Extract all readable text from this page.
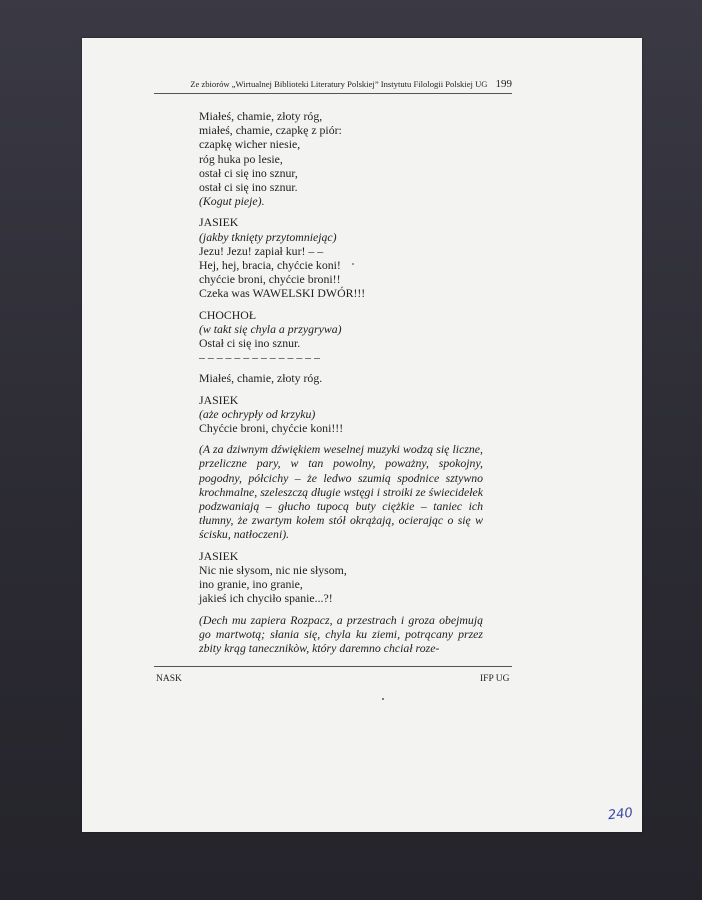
Ze zbiorów „Wirtualnej Biblioteki Literatury Polskiej” Instytutu Filologii Polskiej UG 199
Miałeś, chamie, złoty róg,
miałeś, chamie, czapkę z piór:
czapkę wicher niesie,
róg huka po lesie,
ostał ci się ino sznur,
ostał ci się ino sznur.
(Kogut pieje).
JASIEK
(jakby tknięty przytomniejąc)
Jezu! Jezu! zapiał kur! – –
Hej, hej, bracia, chyćcie koni!
chyćcie broni, chyćcie broni!!
Czeka was WAWELSKI DWÓR!!!
CHOCHOŁ
(w takt się chyla a przygrywa)
Ostał ci się ino sznur.
– – – – – – – – – – – – – –
Miałeś, chamie, złoty róg.
JASIEK
(aże ochrypły od krzyku)
Chyćcie broni, chyćcie koni!!!
(A za dziwnym dźwiękiem weselnej muzyki wodzą się liczne, przeliczne pary, w tan powolny, poważny, spokojny, pogodny, półcichy – że ledwo szumią spodnice sztywno krochmalne, szeleszczą długie wstęgi i stroiki ze świecidełek podzwaniają – głucho tupocą buty ciężkie – taniec ich tłumny, że zwartym kołem stół okrążają, ocierając o się w ścisku, natłoczeni).
JASIEK
Nic nie słysom, nic nie słysom,
ino granie, ino granie,
jakieś ich chyciło spanie...?!
(Dech mu zapiera Rozpacz, a przestrach i groza obejmują go martwotą; słania się, chyla ku ziemi, potrącany przez zbity krąg tanecznikòw, który daremno chciał roze-
NASK	IFP UG
240
